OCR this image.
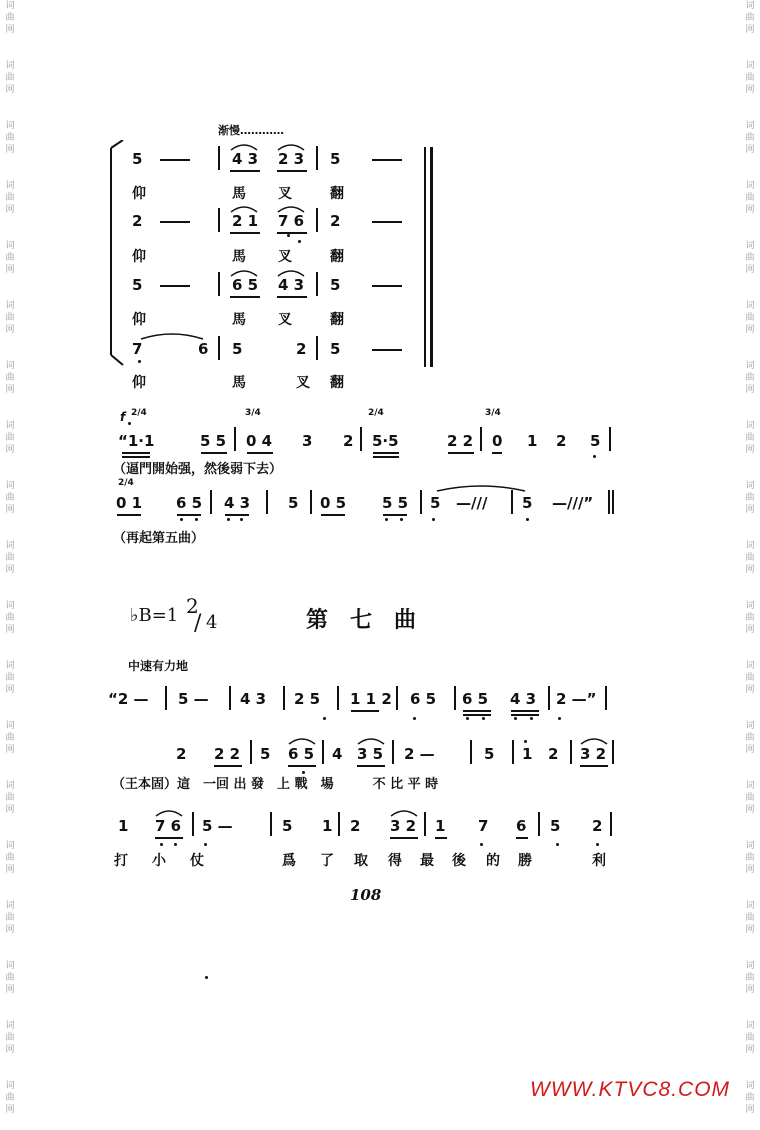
词
曲
网
词
曲
网
词
曲
网
词
曲
网
词
曲
网
词
曲
网
词
曲
网
词
曲
网
词
曲
网
词
曲
网
词
曲
网
词
曲
网
词
曲
网
词
曲
网
词
曲
网
词
曲
网
词
曲
网
词
曲
网
词
曲
网
词
曲
网
词
曲
网
词
曲
网
词
曲
网
词
曲
网
词
曲
网
词
曲
网
词
曲
网
词
曲
网
词
曲
网
词
曲
网
词
曲
网
词
曲
网
词
曲
网
词
曲
网
词
曲
网
词
曲
网
词
曲
网
词
曲
网
渐慢…………
5	4 3 2 3 5
仰	馬 叉	翻
2	2 1 7 6 2
仰	馬 叉	翻
5	6 5 4 3 5
仰	馬 叉	翻
7	6 5	2 5
仰	馬	叉 翻
f 2/4	3/4	2/4	3/4
“1·1	5 5 0 4 3 2 5·5	2 2 0 1 2 5
2/4
0 1 6 5 4 3	5 0 5 5 5 5 —/// 5 —///”
（逼門開始强，然後弱下去）
（再起第五曲）
♭B=1 2
/ 4	第七曲
中速有力地
“2 — 5 — 4 3 2 5 1 1 2 6 5 6 5 4 3 2 —”
2 2 2 5 6 5 4 3 5 2 —	5 1 2 3 2
1 7 6 5 —	5 1 2 3 2 1 7 6 5 2
打 小 仗	爲 了 取 得 最 後 的 勝	利
（王本固）這　一回 出 發　上 戰　場　　　不 比 平 時
108
WWW.KTVC8.COM
